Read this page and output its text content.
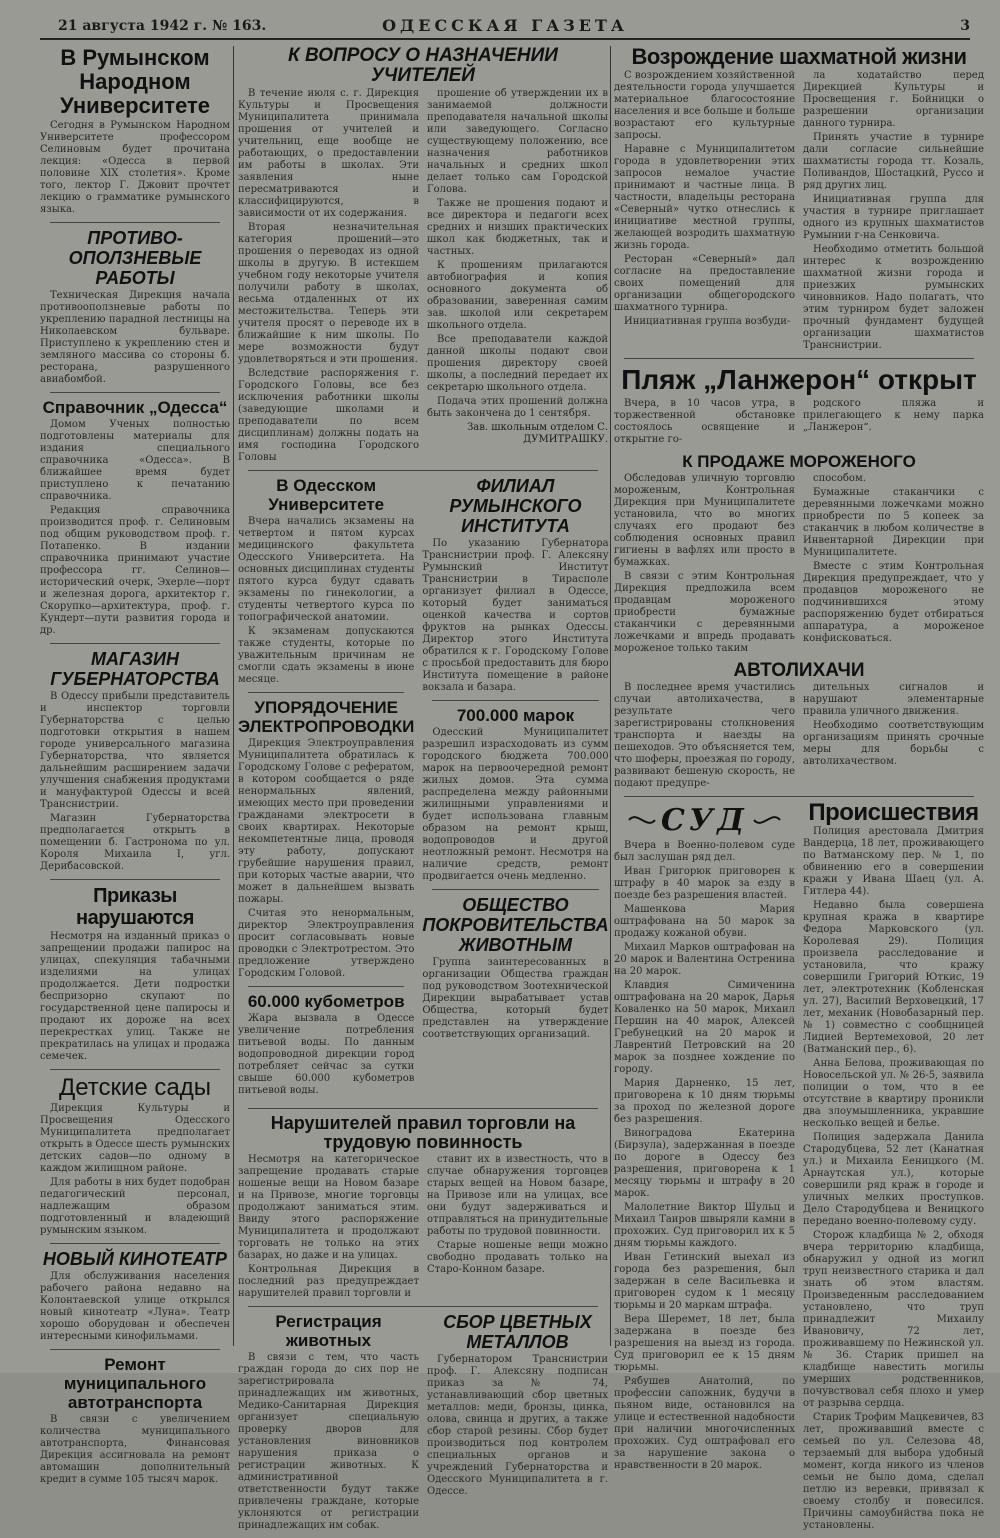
21 августа 1942 г. № 163.	ОДЕССКАЯ ГАЗЕТА	3
В Румынском Народном Университете

Сегодня в Румынском Народном Университете профессором Селиновым будет прочитана лекция: «Одесса в первой половине XIX столетия». Кроме того, лектор Г. Джовит прочтет лекцию о грамматике румынского языка.

ПРОТИВО-ОПОЛЗНЕВЫЕ РАБОТЫ

Техническая Дирекция начала противооползневые работы по укреплению парадной лестницы на Николаевском бульваре. Приступлено к укреплению стен и земляного массива со стороны б. ресторана, разрушенного авиабомбой.

Справочник „Одесса“

Домом Ученых полностью подготовлены материалы для издания специального справочника «Одесса». В ближайшее время будет приступлено к печатанию справочника.

Редакция справочника производится проф. г. Селиновым под общим руководством проф. г. Потапенко. В издании справочника принимают участие профессора гг. Селинов—исторический очерк, Эхерле—порт и железная дорога, архитектор г. Скорупко—архитектура, проф. г. Кундерт—пути развития города и др.

МАГАЗИН ГУБЕРНАТОРСТВА

В Одессу прибыли представитель и инспектор торговли Губернаторства с целью подготовки открытия в нашем городе универсального магазина Губернаторства, что является дальнейшим расширением задачи улучшения снабжения продуктами и мануфактурой Одессы и всей Транснистрии.

Магазин Губернаторства предполагается открыть в помещении б. Гастронома по ул. Короля Михаила I, угл. Дерибасовской.

Приказы нарушаются

Несмотря на изданный приказ о запрещении продажи папирос на улицах, спекуляция табачными изделиями на улицах продолжается. Дети подростки беспризорно скупают по государственной цене папиросы и продают их дороже на всех перекрестках улиц. Также не прекратилась на улицах и продажа семечек.

Детские сады

Дирекция Культуры и Просвещения Одесского Муниципалитета предполагает открыть в Одессе шесть румынских детских садов—по одному в каждом жилищном районе.

Для работы в них будет подобран педагогический персонал, надлежащим образом подготовленный и владеющий румынским языком.

НОВЫЙ КИНОТЕАТР

Для обслуживания населения рабочего района недавно на Колонтаевской улице открылся новый кинотеатр «Луна». Театр хорошо оборудован и обеспечен интересными кинофильмами.

Ремонт муниципального автотранспорта

В связи с увеличением количества муниципального автотранспорта, Финансовая Дирекция ассигновала на ремонт автомашин дополнительный кредит в сумме 105 тысяч марок.

К ВОПРОСУ О НАЗНАЧЕНИИ УЧИТЕЛЕЙ

В течение июля с. г. Дирекция Культуры и Просвещения Муниципалитета принимала прошения от учителей и учительниц, еще вообще не работающих, о предоставлении им работы в школах. Эти заявления ныне пересматриваются и классифицируются, в зависимости от их содержания.

Вторая незначительная категория прошений—это прошения о переводах из одной школы в другую. В истекшем учебном году некоторые учителя получили работу в школах, весьма отдаленных от их местожительства. Теперь эти учителя просят о переводе их в ближайшие к ним школы. По мере возможности будут удовлетворяться и эти прошения.

Вследствие распоряжения г. Городского Головы, все без исключения работники школы (заведующие школами и преподаватели по всем дисциплинам) должны подать на имя господина Городского Головы

прошение об утверждении их в занимаемой должности преподавателя начальной школы или заведующего. Согласно существующему положению, все назначения работников начальных и средних школ делает только сам Городской Голова.

Также не прошения подают и все директора и педагоги всех средних и низших практических школ как бюджетных, так и частных.

К прошениям прилагаются автобиография и копия основного документа об образовании, заверенная самим зав. школой или секретарем школьного отдела.

Все преподаватели каждой данной школы подают свои прошения директору своей школы, а последний передает их секретарю школьного отдела.

Подача этих прошений должна быть закончена до 1 сентября.

Зав. школьным отделом С. ДУМИТРАШКУ.
В Одесском Университете

Вчера начались экзамены на четвертом и пятом курсах медицинского факультета Одесского Университета. На основных дисциплинах студенты пятого курса будут сдавать экзамены по гинекологии, а студенты четвертого курса по топографической анатомии.

К экзаменам допускаются также студенты, которые по уважительным причинам не смогли сдать экзамены в июне месяце.

УПОРЯДОЧЕНИЕ ЭЛЕКТРОПРОВОДКИ

Дирекция Электроуправления Муниципалитета обратилась к Городскому Голове с рефератом, в котором сообщается о ряде ненормальных явлений, имеющих место при проведении гражданами электросети в своих квартирах. Некоторые некомпетентные лица, проводя эту работу, допускают грубейшие нарушения правил, при которых частые аварии, что может в дальнейшем вызвать пожары.

Считая это ненормальным, директор Электроуправления просит согласовывать новые проводки с Электротрестом. Это предложение утверждено Городским Головой.

60.000 кубометров

Жара вызвала в Одессе увеличение потребления питьевой воды. По данным водопроводной дирекции город потребляет сейчас за сутки свыше 60.000 кубометров питьевой воды.

ФИЛИАЛ РУМЫНСКОГО ИНСТИТУТА

По указанию Губернатора Транснистрии проф. Г. Алексяну Румынский Институт Транснистрии в Тирасполе организует филиал в Одессе, который будет заниматься оценкой качества и сортов фруктов на рынках Одессы. Директор этого Института обратился к г. Городскому Голове с просьбой предоставить для бюро Института помещение в районе вокзала и базара.

700.000 марок

Одесский Муниципалитет разрешил израсходовать из сумм городского бюджета 700.000 марок на первоочередной ремонт жилых домов. Эта сумма распределена между районными жилищными управлениями и будет использована главным образом на ремонт крыш, водопроводов и другой неотложный ремонт. Несмотря на наличие средств, ремонт продвигается очень медленно.

ОБЩЕСТВО ПОКРОВИТЕЛЬСТВА ЖИВОТНЫМ

Группа заинтересованных в организации Общества граждан под руководством Зоотехнической Дирекции вырабатывает устав Общества, который будет представлен на утверждение соответствующих организаций.

Нарушителей правил торговли на трудовую повинность

Несмотря на категорическое запрещение продавать старые ношеные вещи на Новом базаре и на Привозе, многие торговцы продолжают заниматься этим. Ввиду этого распоряжение Муниципалитета и продолжают торговать не только на этих базарах, но даже и на улицах.

Контрольная Дирекция в последний раз предупреждает нарушителей правил торговли и

ставит их в известность, что в случае обнаружения торговцев старых вещей на Новом базаре, на Привозе или на улицах, все они будут задерживаться и отправляться на принудительные работы по трудовой повинности.

Старые ношеные вещи можно свободно продавать только на Старо-Конном базаре.

Регистрация животных

В связи с тем, что часть граждан города до сих пор не зарегистрировала принадлежащих им животных, Медико-Санитарная Дирекция организует специальную проверку дворов для установления виновников нарушения приказа о регистрации животных. К административной ответственности будут также привлечены граждане, которые уклоняются от регистрации принадлежащих им собак.

СБОР ЦВЕТНЫХ МЕТАЛЛОВ

Губернатором Транснистрии проф. Г. Алексяну подписан приказ за № 74, устанавливающий сбор цветных металлов: меди, бронзы, цинка, олова, свинца и других, а также сбор старой резины. Сбор будет производиться под контролем специальных органов и учреждений Губернаторства и Одесского Муниципалитета в г. Одессе.

Возрождение шахматной жизни

С возрождением хозяйственной деятельности города улучшается материальное благосостояние населения и все больше и больше возрастают его культурные запросы.

Наравне с Муниципалитетом города в удовлетворении этих запросов немалое участие принимают и частные лица. В частности, владельцы ресторана «Северный» чутко отнеслись к инициативе местной группы, желающей возродить шахматную жизнь города.

Ресторан «Северный» дал согласие на предоставление своих помещений для организации общегородского шахматного турнира.

Инициативная группа возбуди-

ла ходатайство перед Дирекцией Культуры и Просвещения г. Бойницки о разрешении организации данного турнира.

Принять участие в турнире дали согласие сильнейшие шахматисты города тт. Козаль, Поливандов, Шостацкий, Руссо и ряд других лиц.

Инициативная группа для участия в турнире приглашает одного из крупных шахматистов Румынии г-на Сенковича.

Необходимо отметить большой интерес к возрождению шахматной жизни города и приезжих румынских чиновников. Надо полагать, что этим турниром будет заложен прочный фундамент будущей организации шахматистов Транснистрии.

Пляж „Ланжерон“ открыт

Вчера, в 10 часов утра, в торжественной обстановке состоялось освящение и открытие го-

родского пляжа и прилегающего к нему парка „Ланжерон“.

К ПРОДАЖЕ МОРОЖЕНОГО

Обследовав уличную торговлю мороженым, Контрольная Дирекция при Муниципалитете установила, что во многих случаях его продают без соблюдения основных правил гигиены в вафлях или просто в бумажках.

В связи с этим Контрольная Дирекция предложила всем продавцам мороженого приобрести бумажные стаканчики с деревянными ложечками и впредь продавать мороженое только таким

способом.

Бумажные стаканчики с деревянными ложечками можно приобрести по 5 копеек за стаканчик в любом количестве в Инвентарной Дирекции при Муниципалитете.

Вместе с этим Контрольная Дирекция предупреждает, что у продавцов мороженого не подчинившихся этому распоряжению будет отбираться аппаратура, а мороженое конфисковаться.

АВТОЛИХАЧИ

В последнее время участились случаи автолихачества, в результате чего зарегистрированы столкновения транспорта и наезды на пешеходов. Это объясняется тем, что шоферы, проезжая по городу, развивают бешеную скорость, не подают предупре-

дительных сигналов и нарушают элементарные правила уличного движения.

Необходимо соответствующим организациям принять срочные меры для борьбы с автолихачеством.

СУД

Вчера в Военно-полевом суде был заслушан ряд дел.

Иван Григорюк приговорен к штрафу в 40 марок за езду в поезде без разрешения властей.

Машенкова Мария оштрафована на 50 марок за продажу кожаной обуви.

Михаил Марков оштрафован на 20 марок и Валентина Остренина на 20 марок.

Клавдия Симиченина оштрафована на 20 марок, Дарья Коваленко на 50 марок, Михаил Першин на 40 марок, Алексей Гребунецкий на 20 марок и Лаврентий Петровский на 20 марок за позднее хождение по городу.

Мария Дарненко, 15 лет, приговорена к 10 дням тюрьмы за проход по железной дороге без разрешения.

Виноградова Екатерина (Бирзула), задержанная в поезде по дороге в Одессу без разрешения, приговорена к 1 месяцу тюрьмы и штрафу в 20 марок.

Малолетние Виктор Шульц и Михаил Таиров швыряли камни в прохожих. Суд приговорил их к 5 дням тюрьмы каждого.

Иван Гетинский выехал из города без разрешения, был задержан в селе Васильевка и приговорен судом к 1 месяцу тюрьмы и 20 маркам штрафа.

Вера Шеремет, 18 лет, была задержана в поезде без разрешения на выезд из города. Суд приговорил ее к 15 дням тюрьмы.

Рябушев Анатолий, по профессии сапожник, будучи в пьяном виде, остановился на улице и естественной надобности при наличии многочисленных прохожих. Суд оштрафовал его за нарушение закона о нравственности в 20 марок.

Происшествия

Полиция арестовала Дмитрия Вандерца, 18 лет, проживающего по Ватманскому пер. № 1, по обвинению его в совершении кражи у Ивана Шаец (ул. А. Гитлера 44).

Недавно была совершена крупная кража в квартире Федора Марковского (ул. Королевая 29). Полиция произвела расследование и установила, что кражу совершили Григорий Юткис, 19 лет, электротехник (Кобленская ул. 27), Василий Верховецкий, 17 лет, механик (Новобазарный пер. № 1) совместно с сообщницей Лидией Вертемеховой, 20 лет (Ватманский пер., 6).

Анна Белова, проживающая по Новосельской ул. № 26-5, заявила полиции о том, что в ее отсутствие в квартиру проникли два злоумышленника, укравшие несколько вещей и белье.

Полиция задержала Данила Стародубцева, 52 лет (Канатная ул.) и Михаила Ееницкого (М. Арнаутская ул.), которые совершили ряд краж в городе и уличных мелких проступков. Дело Стародубцева и Веницкого передано военно-полевому суду.

Сторож кладбища № 2, обходя вчера территорию кладбища, обнаружил у одной из могил труп неизвестного старика и дал знать об этом властям. Произведенным расследованием установлено, что труп принадлежит Михаилу Ивановичу, 72 лет, проживавшему по Нежинской ул. № 36. Старик пришел на кладбище навестить могилы умерших родственников, почувствовал себя плохо и умер от разрыва сердца.

Старик Трофим Мацкевичев, 83 лет, проживавший вместе с семьей по ул. Селезова 48, терзаемый для выбора удобный момент, когда никого из членов семьи не было дома, сделал петлю из веревки, привязал к своему столбу и повесился. Причины самоубийства пока не установлены.
